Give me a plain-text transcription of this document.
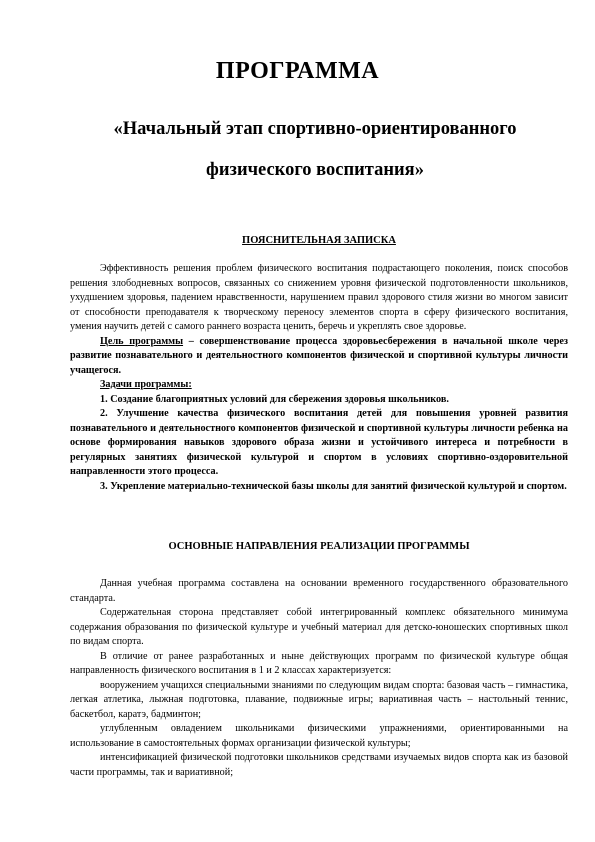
ПРОГРАММА
«Начальный этап спортивно-ориентированного
физического воспитания»
ПОЯСНИТЕЛЬНАЯ ЗАПИСКА

Эффективность решения проблем физического воспитания подрастающего поколения, поиск способов решения злободневных вопросов, связанных со снижением уровня физической подготовленности школьников, ухудшением здоровья, падением нравственности, нарушением правил здорового стиля жизни во многом зависит от способности преподавателя к творческому переносу элементов спорта в сферу физического воспитания, умения научить детей с самого раннего возраста ценить, беречь и укреплять свое здоровье.

Цель программы – совершенствование процесса здоровьесбережения в начальной школе через развитие познавательного и деятельностного компонентов физической и спортивной культуры личности учащегося.

Задачи программы:

1. Создание благоприятных условий для сбережения здоровья школьников.

2. Улучшение качества физического воспитания детей для повышения уровней развития познавательного и деятельностного компонентов физической и спортивной культуры личности ребенка на основе формирования навыков здорового образа жизни и устойчивого интереса и потребности в регулярных занятиях физической культурой и спортом в условиях спортивно-оздоровительной направленности этого процесса.

3. Укрепление материально-технической базы школы для занятий физической культурой и спортом.

ОСНОВНЫЕ НАПРАВЛЕНИЯ РЕАЛИЗАЦИИ ПРОГРАММЫ

Данная учебная программа составлена на основании временного государственного образовательного стандарта.

Содержательная сторона представляет собой интегрированный комплекс обязательного минимума содержания образования по физической культуре и учебный материал для детско-юношеских спортивных школ по видам спорта.

В отличие от ранее разработанных и ныне действующих программ по физической культуре общая направленность физического воспитания в 1 и 2 классах характеризуется:

вооружением учащихся специальными знаниями по следующим видам спорта: базовая часть – гимнастика, легкая атлетика, лыжная подготовка, плавание, подвижные игры; вариативная часть – настольный теннис, баскетбол, каратэ, бадминтон;

углубленным овладением школьниками физическими упражнениями, ориентированными на использование в самостоятельных формах организации физической культуры;

интенсификацией физической подготовки школьников средствами изучаемых видов спорта как из базовой части программы, так и вариативной;
